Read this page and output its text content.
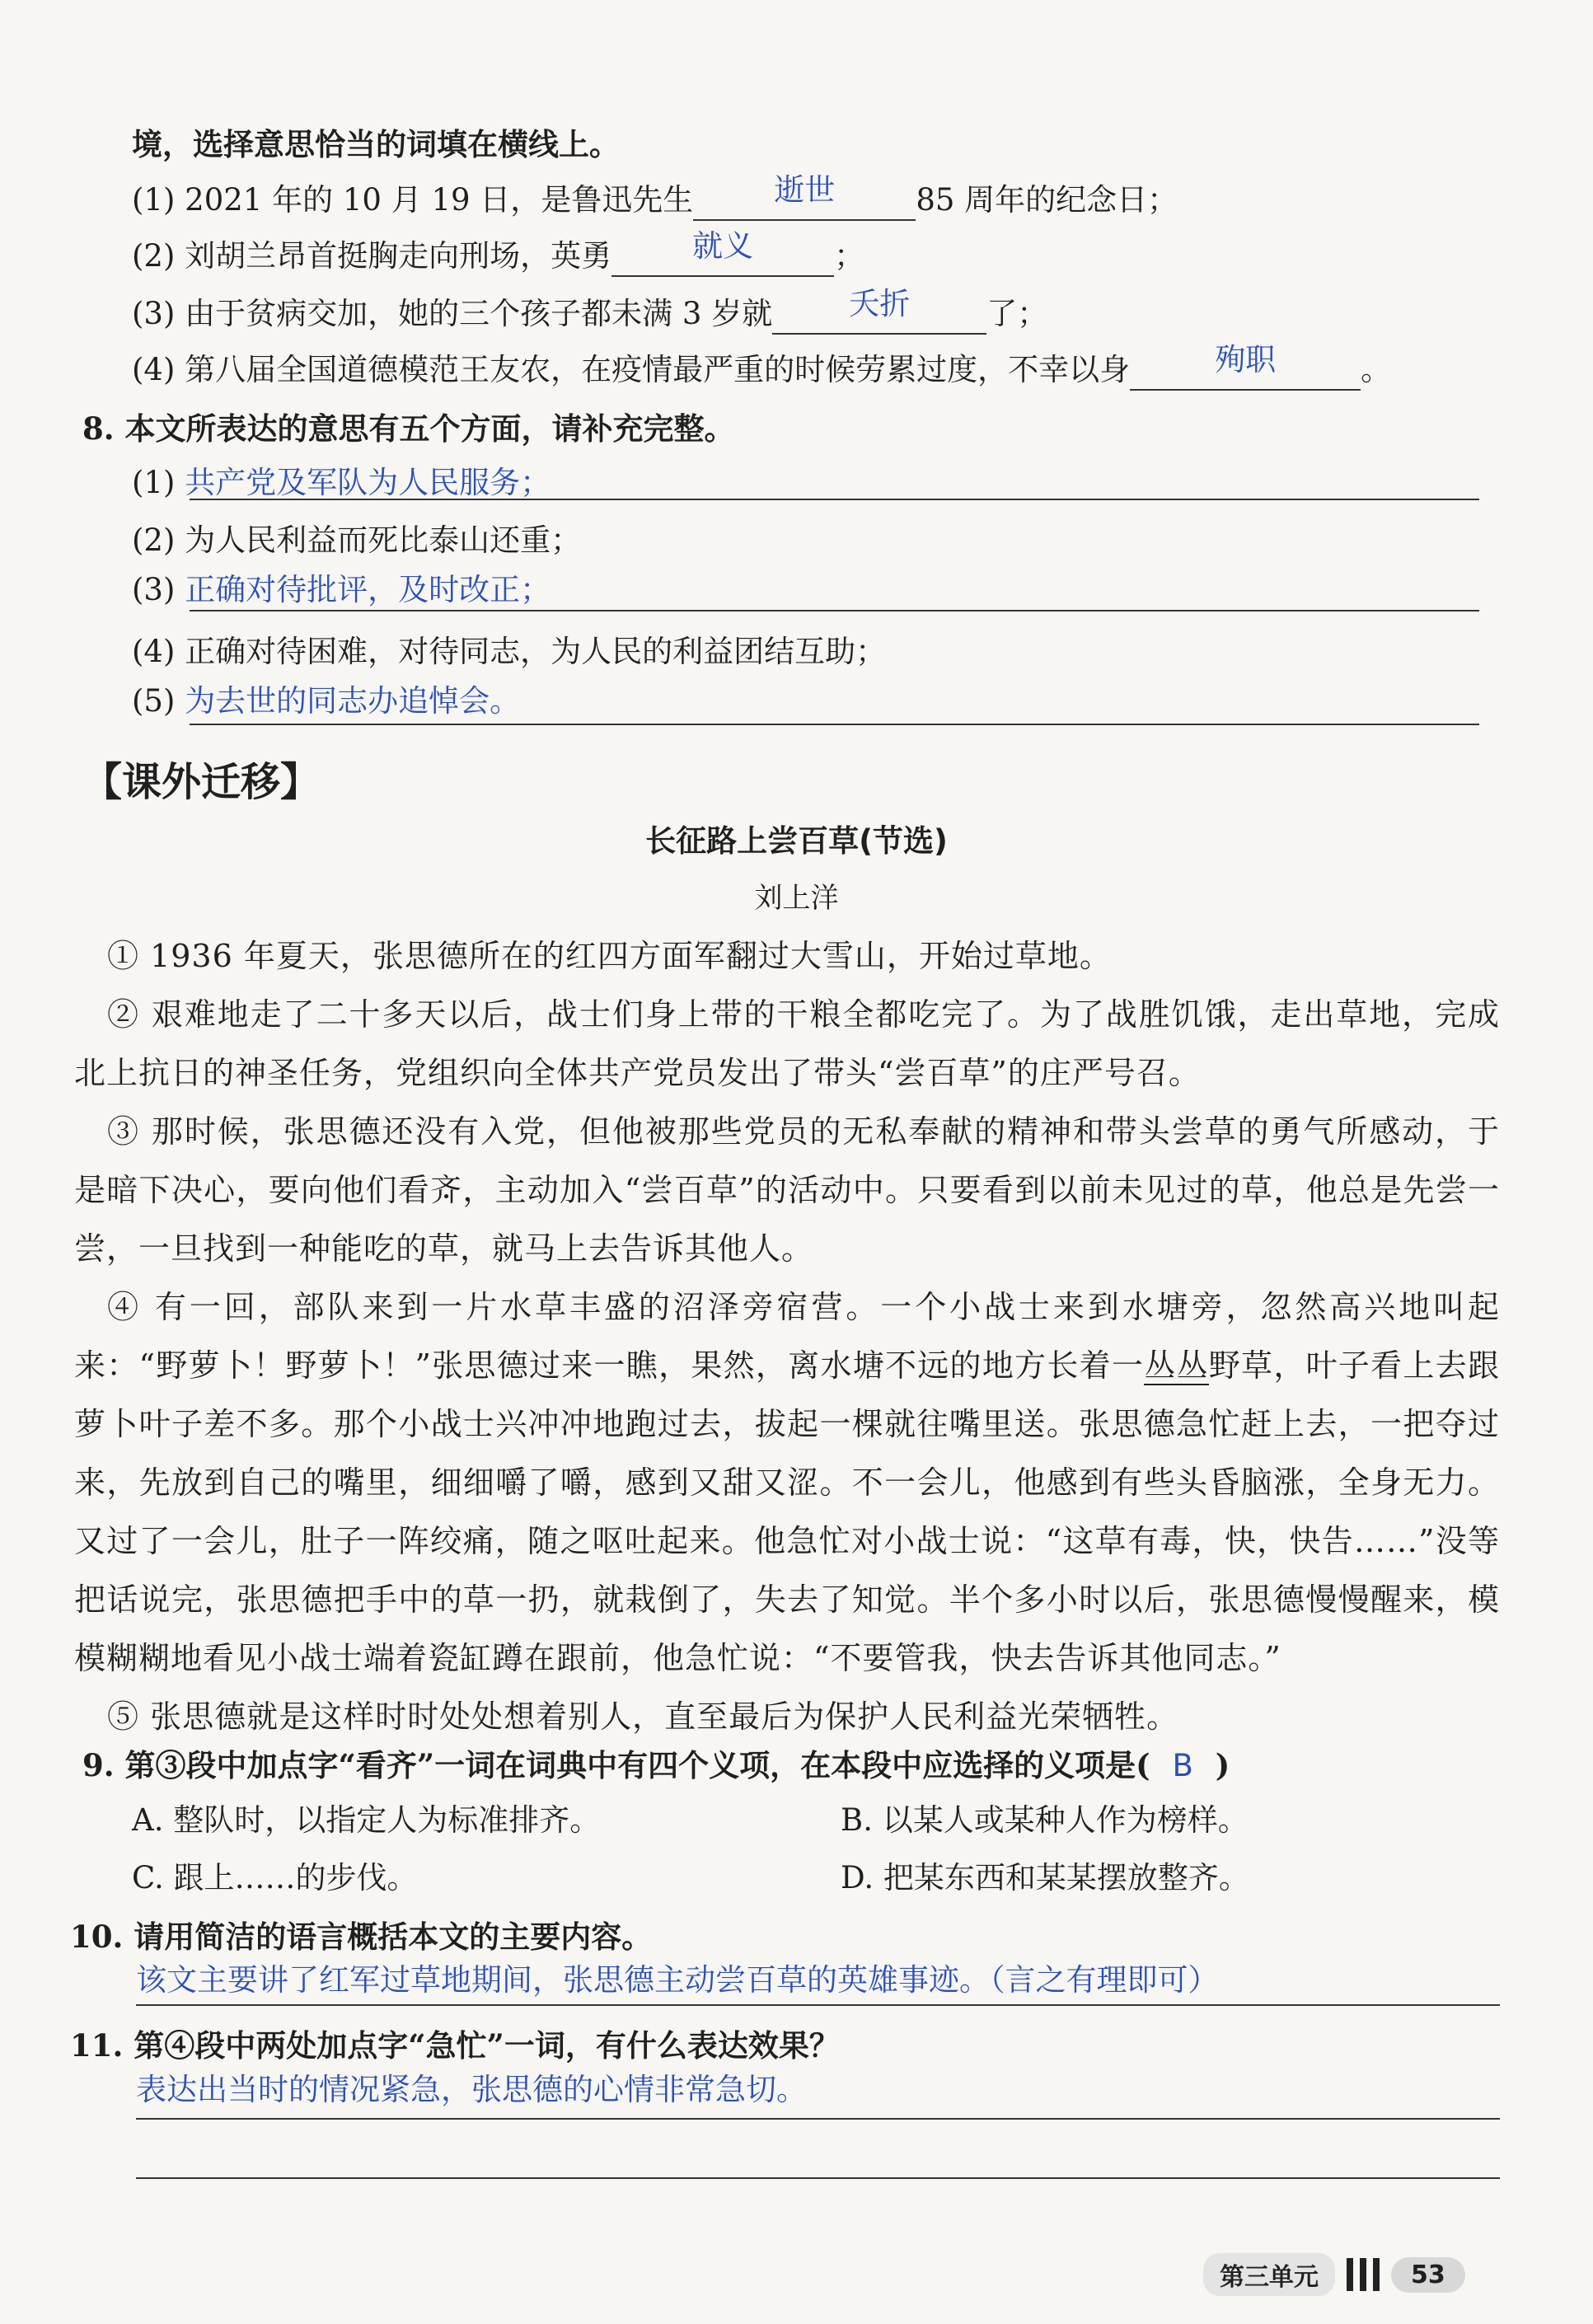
境，选择意思恰当的词填在横线上。
(1) 2021 年的 10 月 19 日，是鲁迅先生	逝世	85 周年的纪念日；
(2) 刘胡兰昂首挺胸走向刑场，英勇	就义	；
(3) 由于贫病交加，她的三个孩子都未满 3 岁就	夭折	了；
(4) 第八届全国道德模范王友农，在疫情最严重的时候劳累过度，不幸以身	殉职	。
8. 本文所表达的意思有五个方面，请补充完整。
(1) 共产党及军队为人民服务；
(2) 为人民利益而死比泰山还重；
(3) 正确对待批评，及时改正；
(4) 正确对待困难，对待同志，为人民的利益团结互助；
(5) 为去世的同志办追悼会。
【课外迁移】
长征路上尝百草(节选)
刘上洋

① 1936 年夏天，张思德所在的红四方面军翻过大雪山，开始过草地。

② 艰难地走了二十多天以后，战士们身上带的干粮全都吃完了。为了战胜饥饿，走出草地，完成北上抗日的神圣任务，党组织向全体共产党员发出了带头“尝百草”的庄严号召。

③ 那时候，张思德还没有入党，但他被那些党员的无私奉献的精神和带头尝草的勇气所感动，于是暗下决心，要向他们看齐 •，主动加入“尝百草”的活动中。只要看到以前未见过的草，他总是先尝一尝，一旦找到一种能吃的草，就马上去告诉其他人。

④ 有一回，部队来到一片水草丰盛的沼泽旁宿营。一个小战士来到水塘旁，忽然高兴地叫起来：“野萝卜！野萝卜！”张思德过来一瞧，果然，离水塘不远的地方长着一丛丛野草，叶子看上去跟萝卜叶子差不多。那个小战士兴冲冲地跑过去，拔起一棵就往嘴里送。张思德急忙 •赶上去，一把夺过来，先放到自己的嘴里，细细嚼了嚼，感到又甜又涩。不一会儿，他感到有些头昏脑涨，全身无力。又过了一会儿，肚子一阵绞痛，随之呕吐起来。他急忙 •对小战士说：“这草有毒，快，快告……”没等把话说完，张思德把手中的草一扔，就栽倒了，失去了知觉。半个多小时以后，张思德慢慢醒来，模模糊糊地看见小战士端着瓷缸蹲在跟前，他急忙说：“不要管我，快去告诉其他同志。”

⑤ 张思德就是这样时时处处想着别人，直至最后为保护人民利益光荣牺牲。

9. 第③段中加点字“看齐”一词在词典中有四个义项，在本段中应选择的义项是( B )
A. 整队时，以指定人为标准排齐。	B. 以某人或某种人作为榜样。
C. 跟上……的步伐。	D. 把某东西和某某摆放整齐。
10. 请用简洁的语言概括本文的主要内容。
该文主要讲了红军过草地期间，张思德主动尝百草的英雄事迹。（言之有理即可）
11. 第④段中两处加点字“急忙”一词，有什么表达效果？
表达出当时的情况紧急，张思德的心情非常急切。
第三单元	53
